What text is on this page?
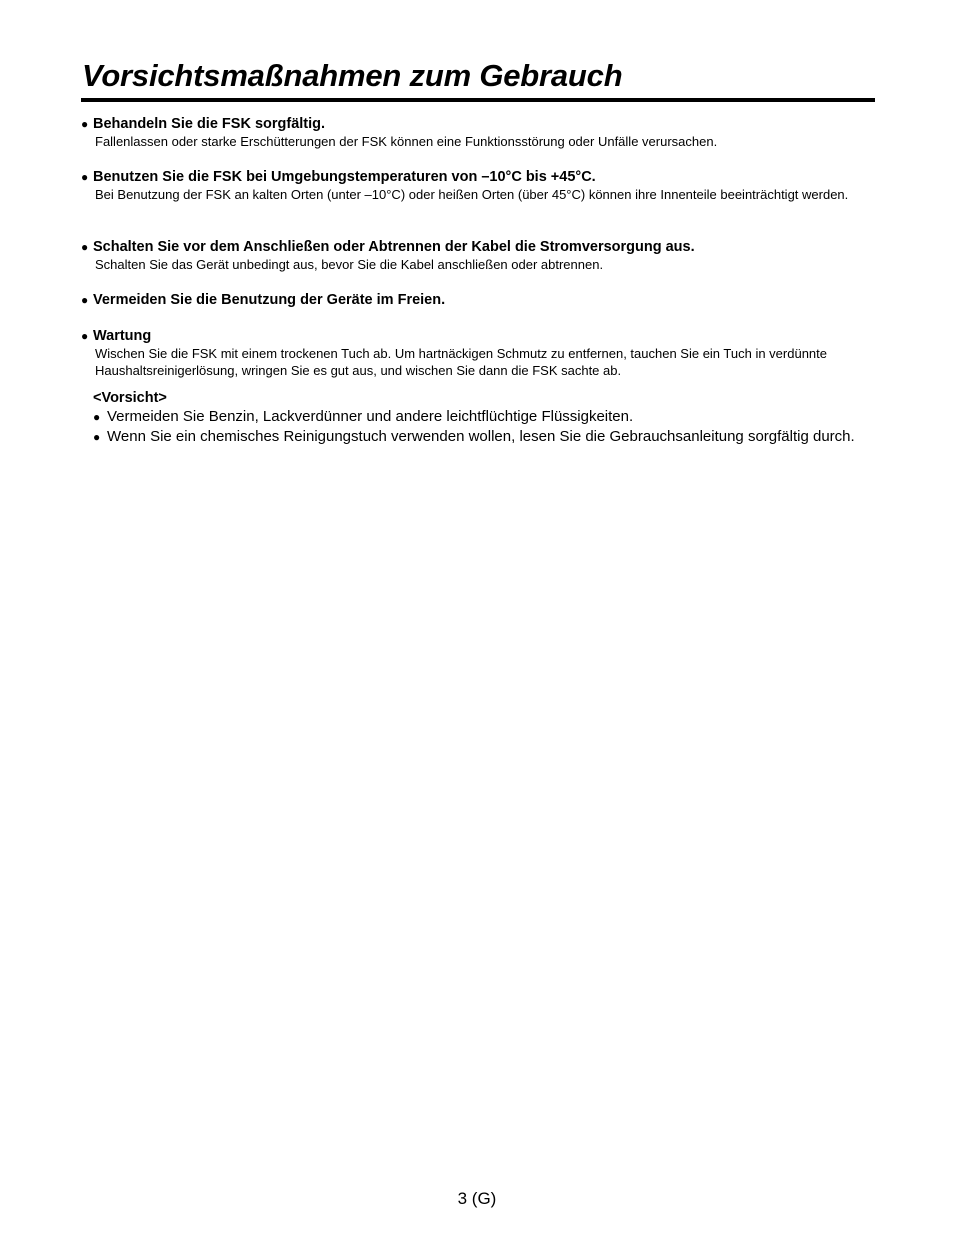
Vorsichtsmaßnahmen zum Gebrauch
● Behandeln Sie die FSK sorgfältig.
Fallenlassen oder starke Erschütterungen der FSK können eine Funktionsstörung oder Unfälle verursachen.
● Benutzen Sie die FSK bei Umgebungstemperaturen von –10°C bis +45°C.
Bei Benutzung der FSK an kalten Orten (unter –10°C) oder heißen Orten (über 45°C) können ihre Innenteile beeinträchtigt werden.
● Schalten Sie vor dem Anschließen oder Abtrennen der Kabel die Stromversorgung aus.
Schalten Sie das Gerät unbedingt aus, bevor Sie die Kabel anschließen oder abtrennen.
● Vermeiden Sie die Benutzung der Geräte im Freien.
● Wartung
Wischen Sie die FSK mit einem trockenen Tuch ab. Um hartnäckigen Schmutz zu entfernen, tauchen Sie ein Tuch in verdünnte Haushaltsreinigerlösung, wringen Sie es gut aus, und wischen Sie dann die FSK sachte ab.
<Vorsicht>
● Vermeiden Sie Benzin, Lackverdünner und andere leichtflüchtige Flüssigkeiten.
● Wenn Sie ein chemisches Reinigungstuch verwenden wollen, lesen Sie die Gebrauchsanleitung sorgfältig durch.
3 (G)
